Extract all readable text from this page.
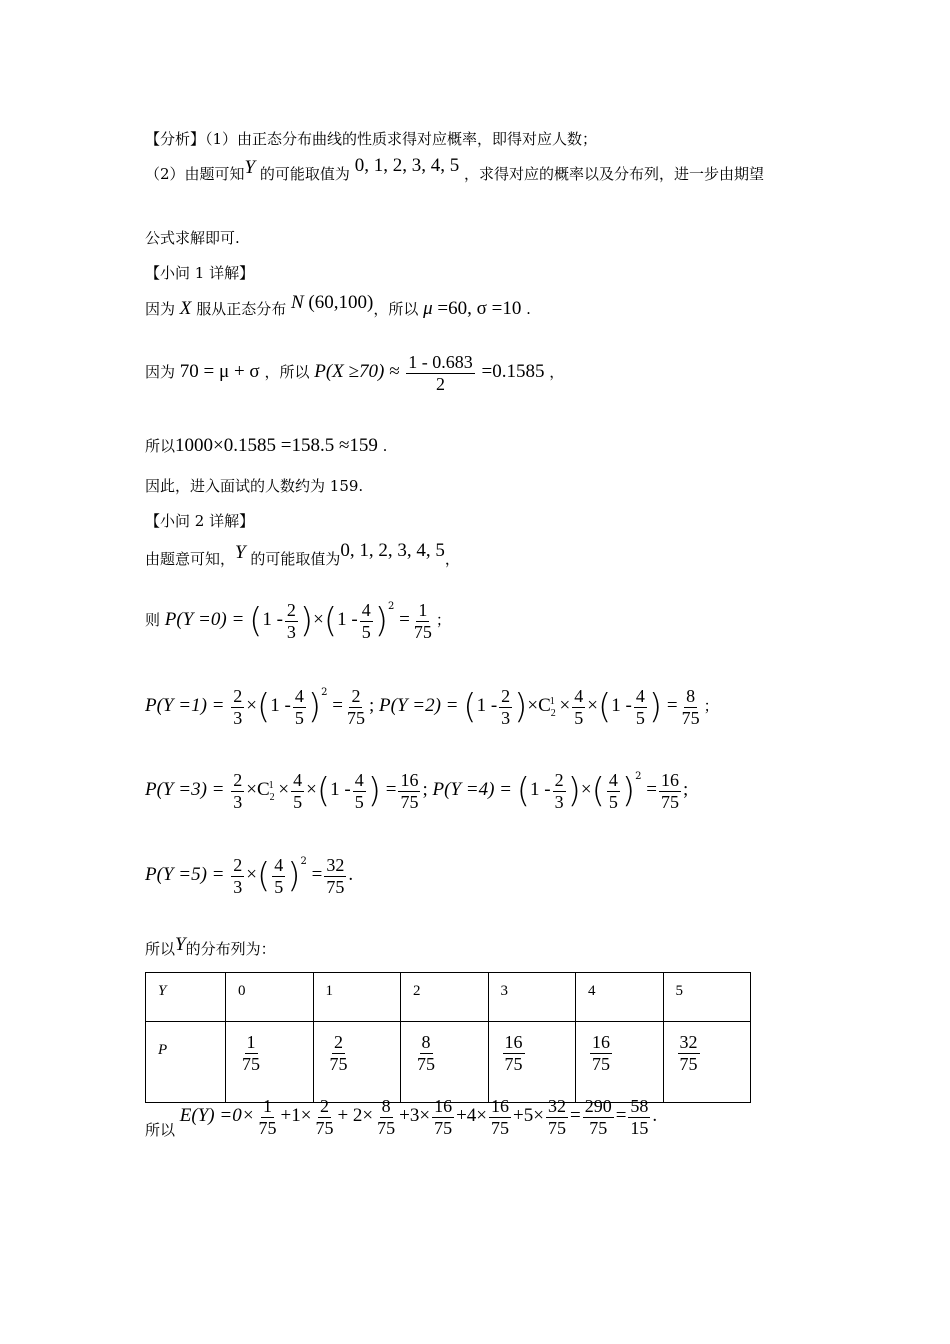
【分析】（1）由正态分布曲线的性质求得对应概率，即得对应人数；
（2）由题可知Y 的可能取值为 0, 1, 2, 3, 4, 5 ，求得对应的概率以及分布列，进一步由期望
公式求解即可.
【小问 1 详解】
因为 X 服从正态分布 N (60,100)，所以 μ =60, σ =10 .
因为 70 = μ + σ ，所以 $P(X \ge 70) \approx \frac{1 - 0.683}{2} =0.1585$ ，
所以1000×0.1585 =158.5 ≈159 .
因此，进入面试的人数约为 159.
【小问 2 详解】
由题意可知，Y 的可能取值为0, 1, 2, 3, 4, 5，
则 $P(Y =0) = (1 - \frac{2}{3} )\times(1 - \frac{4}{5} )^2 = \frac{1}{75}$ ；
$P(Y =1) = \frac{2}{3} \times(1 - \frac{4}{5} )^2 = \frac{2}{75}$ ; $P(Y =2) = (1 - \frac{2}{3} )\times C_2^1 \times \frac{4}{5} \times(1 - \frac{4}{5}$ ) = $\frac{8}{75}$ ；
$P(Y =3) = \frac{2}{3} \times C_2^1 \times \frac{4}{5} \times(1 - \frac{4}{5}$ ) = $\frac{16}{75}$ ; $P(Y =4) = (1 - \frac{2}{3}$ )×( $\frac{4}{5} )^2 = \frac{16}{75}$ ;
$P(Y =5) = \frac{2}{3}$ ×( $\frac{4}{5} )^2 = \frac{32}{75}$ .
所以Y的分布列为：
Y	0	1	2	3	4	5
P	$\frac{1}{75}$	$\frac{2}{75}$	$\frac{8}{75}$	$\frac{16}{75}$	$\frac{16}{75}$	$\frac{32}{75}$
所以 $E(Y) =0\times \frac{1}{75} +1\times \frac{2}{75} + 2\times \frac{8}{75} +3\times \frac{16}{75} +4\times \frac{16}{75} +5\times \frac{32}{75} = \frac{290}{75} = \frac{58}{15}$ .
